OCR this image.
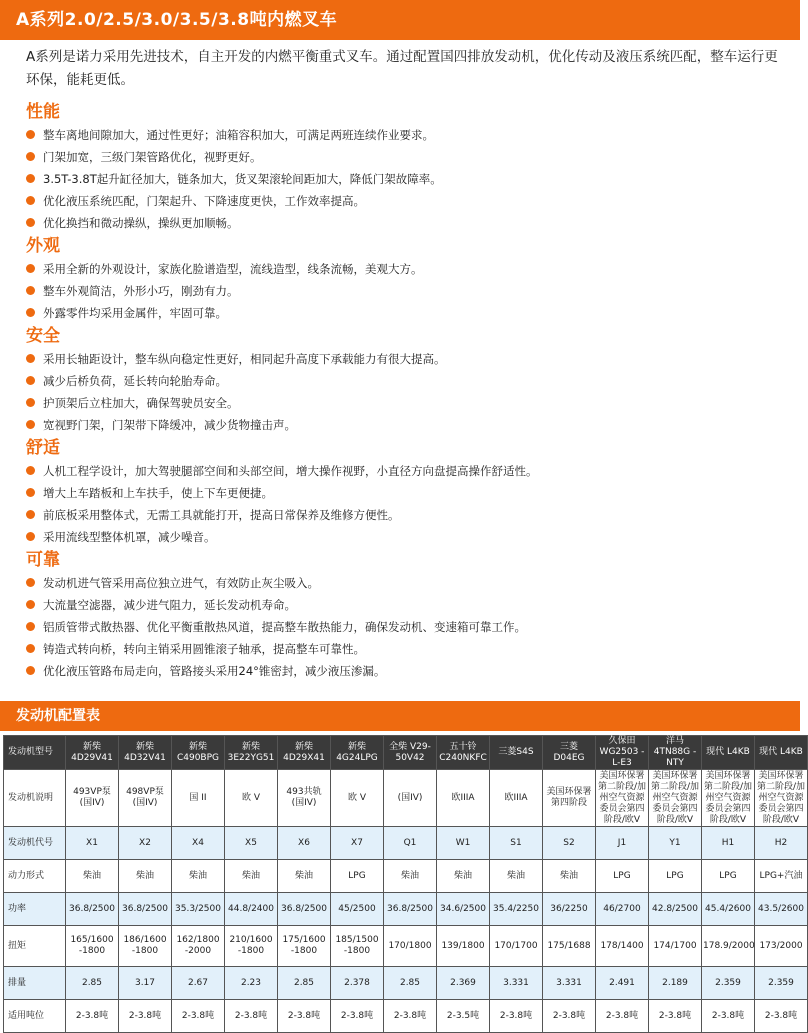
A系列2.0/2.5/3.0/3.5/3.8吨内燃叉车
A系列是诺力采用先进技术，自主开发的内燃平衡重式叉车。通过配置国四排放发动机，优化传动及液压系统匹配，整车运行更环保，能耗更低。
性能
整车离地间隙加大，通过性更好；油箱容积加大，可满足两班连续作业要求。
门架加宽，三级门架管路优化，视野更好。
3.5T-3.8T起升缸径加大，链条加大，货叉架滚轮间距加大，降低门架故障率。
优化液压系统匹配，门架起升、下降速度更快，工作效率提高。
优化换挡和微动操纵，操纵更加顺畅。
外观
采用全新的外观设计，家族化脸谱造型，流线造型，线条流畅，美观大方。
整车外观简洁，外形小巧，刚劲有力。
外露零件均采用金属件，牢固可靠。
安全
采用长轴距设计，整车纵向稳定性更好，相同起升高度下承载能力有很大提高。
减少后桥负荷，延长转向轮胎寿命。
护顶架后立柱加大，确保驾驶员安全。
宽视野门架，门架带下降缓冲，减少货物撞击声。
舒适
人机工程学设计，加大驾驶腿部空间和头部空间，增大操作视野，小直径方向盘提高操作舒适性。
增大上车踏板和上车扶手，使上下车更便捷。
前底板采用整体式，无需工具就能打开，提高日常保养及维修方便性。
采用流线型整体机罩，减少噪音。
可靠
发动机进气管采用高位独立进气，有效防止灰尘吸入。
大流量空滤器，减少进气阻力，延长发动机寿命。
铝质管带式散热器、优化平衡重散热风道，提高整车散热能力，确保发动机、变速箱可靠工作。
铸造式转向桥，转向主销采用圆锥滚子轴承，提高整车可靠性。
优化液压管路布局走向，管路接头采用24°锥密封，减少液压渗漏。
发动机配置表
发动机型号	新柴 4D29V41	新柴 4D32V41	新柴 C490BPG	新柴 3E22YG51	新柴 4D29X41	新柴 4G24LPG	全柴 V29-50V42	五十铃 C240NKFC	三菱S4S	三菱 D04EG	久保田 WG2503 -L-E3	洋马 4TN88G -NTY	现代 L4KB	现代 L4KB
发动机说明	493VP泵 (国IV)	498VP泵 (国IV)	国 II	欧 V	493共轨 (国IV)	欧 V	(国IV)	欧IIIA	欧IIIA	美国环保署 第四阶段	美国环保署第二阶段/加州空气资源委员会第四阶段/欧V	美国环保署第二阶段/加州空气资源委员会第四阶段/欧V	美国环保署第二阶段/加州空气资源委员会第四阶段/欧V	美国环保署第二阶段/加州空气资源委员会第四阶段/欧V
发动机代号	X1	X2	X4	X5	X6	X7	Q1	W1	S1	S2	J1	Y1	H1	H2
动力形式	柴油	柴油	柴油	柴油	柴油	LPG	柴油	柴油	柴油	柴油	LPG	LPG	LPG	LPG+汽油
功率	36.8/2500	36.8/2500	35.3/2500	44.8/2400	36.8/2500	45/2500	36.8/2500	34.6/2500	35.4/2250	36/2250	46/2700	42.8/2500	45.4/2600	43.5/2600
扭矩	165/1600 -1800	186/1600 -1800	162/1800 -2000	210/1600 -1800	175/1600 -1800	185/1500 -1800	170/1800	139/1800	170/1700	175/1688	178/1400	174/1700	178.9/2000	173/2000
排量	2.85	3.17	2.67	2.23	2.85	2.378	2.85	2.369	3.331	3.331	2.491	2.189	2.359	2.359
适用吨位	2-3.8吨	2-3.8吨	2-3.8吨	2-3.8吨	2-3.8吨	2-3.8吨	2-3.8吨	2-3.5吨	2-3.8吨	2-3.8吨	2-3.8吨	2-3.8吨	2-3.8吨	2-3.8吨
